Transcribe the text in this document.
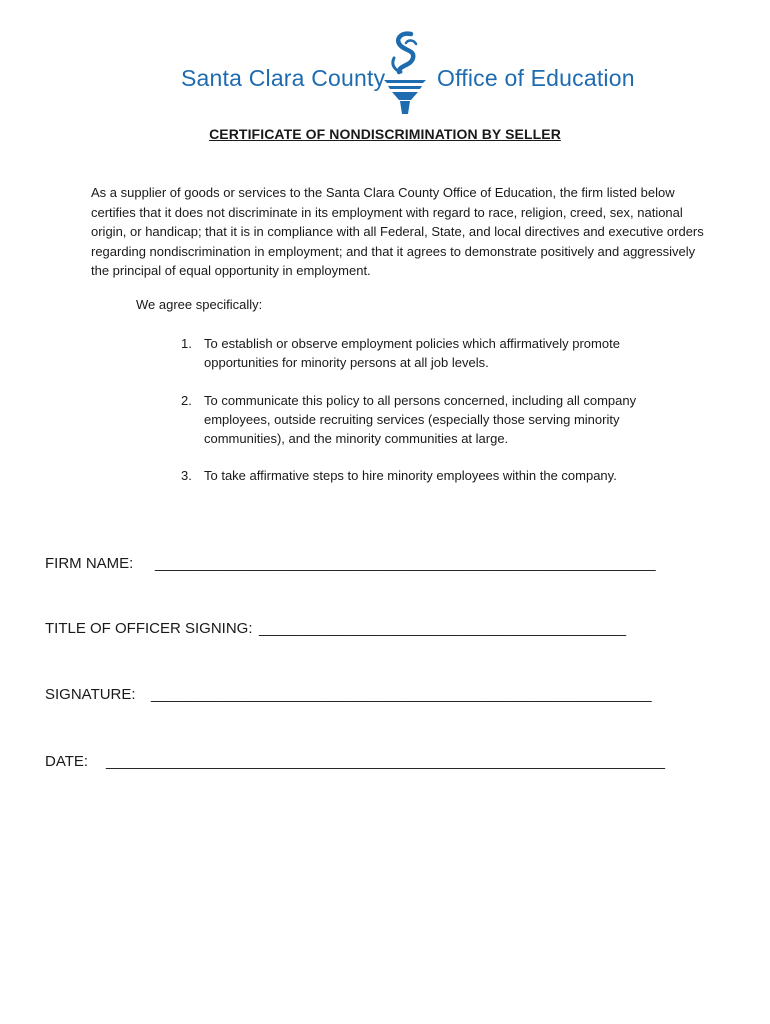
Santa Clara County Office of Education
CERTIFICATE OF NONDISCRIMINATION BY SELLER
As a supplier of goods or services to the Santa Clara County Office of Education, the firm listed below certifies that it does not discriminate in its employment with regard to race, religion, creed, sex, national origin, or handicap; that it is in compliance with all Federal, State, and local directives and executive orders regarding nondiscrimination in employment; and that it agrees to demonstrate positively and aggressively the principal of equal opportunity in employment.
We agree specifically:
1. To establish or observe employment policies which affirmatively promote opportunities for minority persons at all job levels.
2. To communicate this policy to all persons concerned, including all company employees, outside recruiting services (especially those serving minority communities), and the minority communities at large.
3. To take affirmative steps to hire minority employees within the company.
FIRM NAME: ____________________________________________________________
TITLE OF OFFICER SIGNING: ____________________________________________
SIGNATURE: ____________________________________________________________
DATE: ___________________________________________________________________
